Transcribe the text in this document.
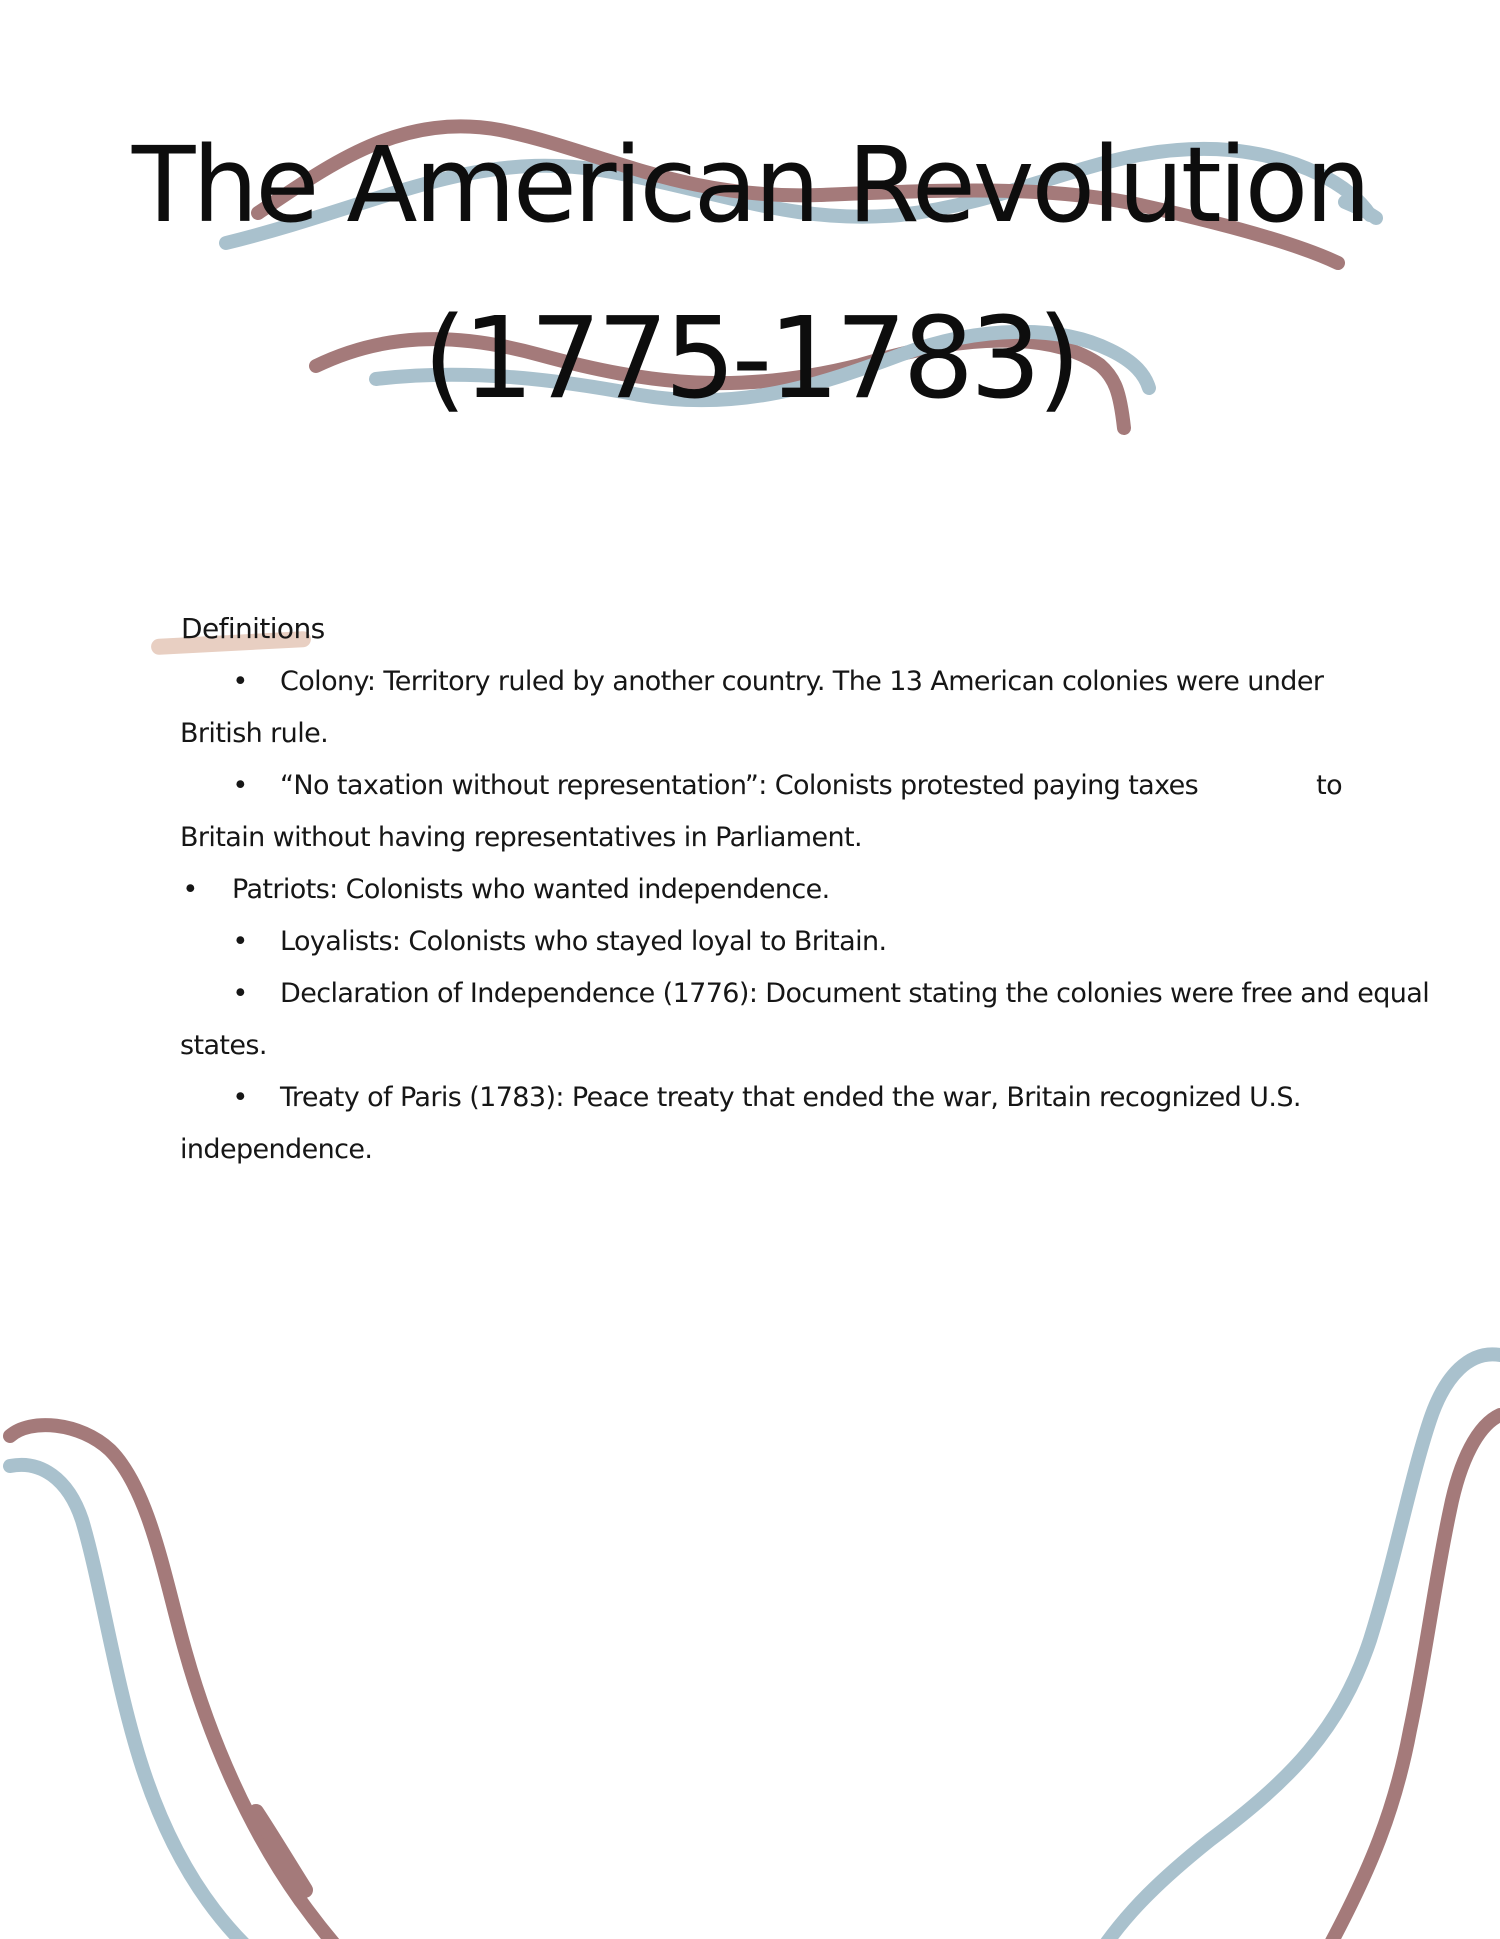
The American Revolution
(1775-1783)
Definitions
• Colony: Territory ruled by another country. The 13 American colonies were under
British rule.
• “No taxation without representation”: Colonists protested paying taxes	to
Britain without having representatives in Parliament.
• Patriots: Colonists who wanted independence.
• Loyalists: Colonists who stayed loyal to Britain.
• Declaration of Independence (1776): Document stating the colonies were free and equal
states.
• Treaty of Paris (1783): Peace treaty that ended the war, Britain recognized U.S.
independence.
